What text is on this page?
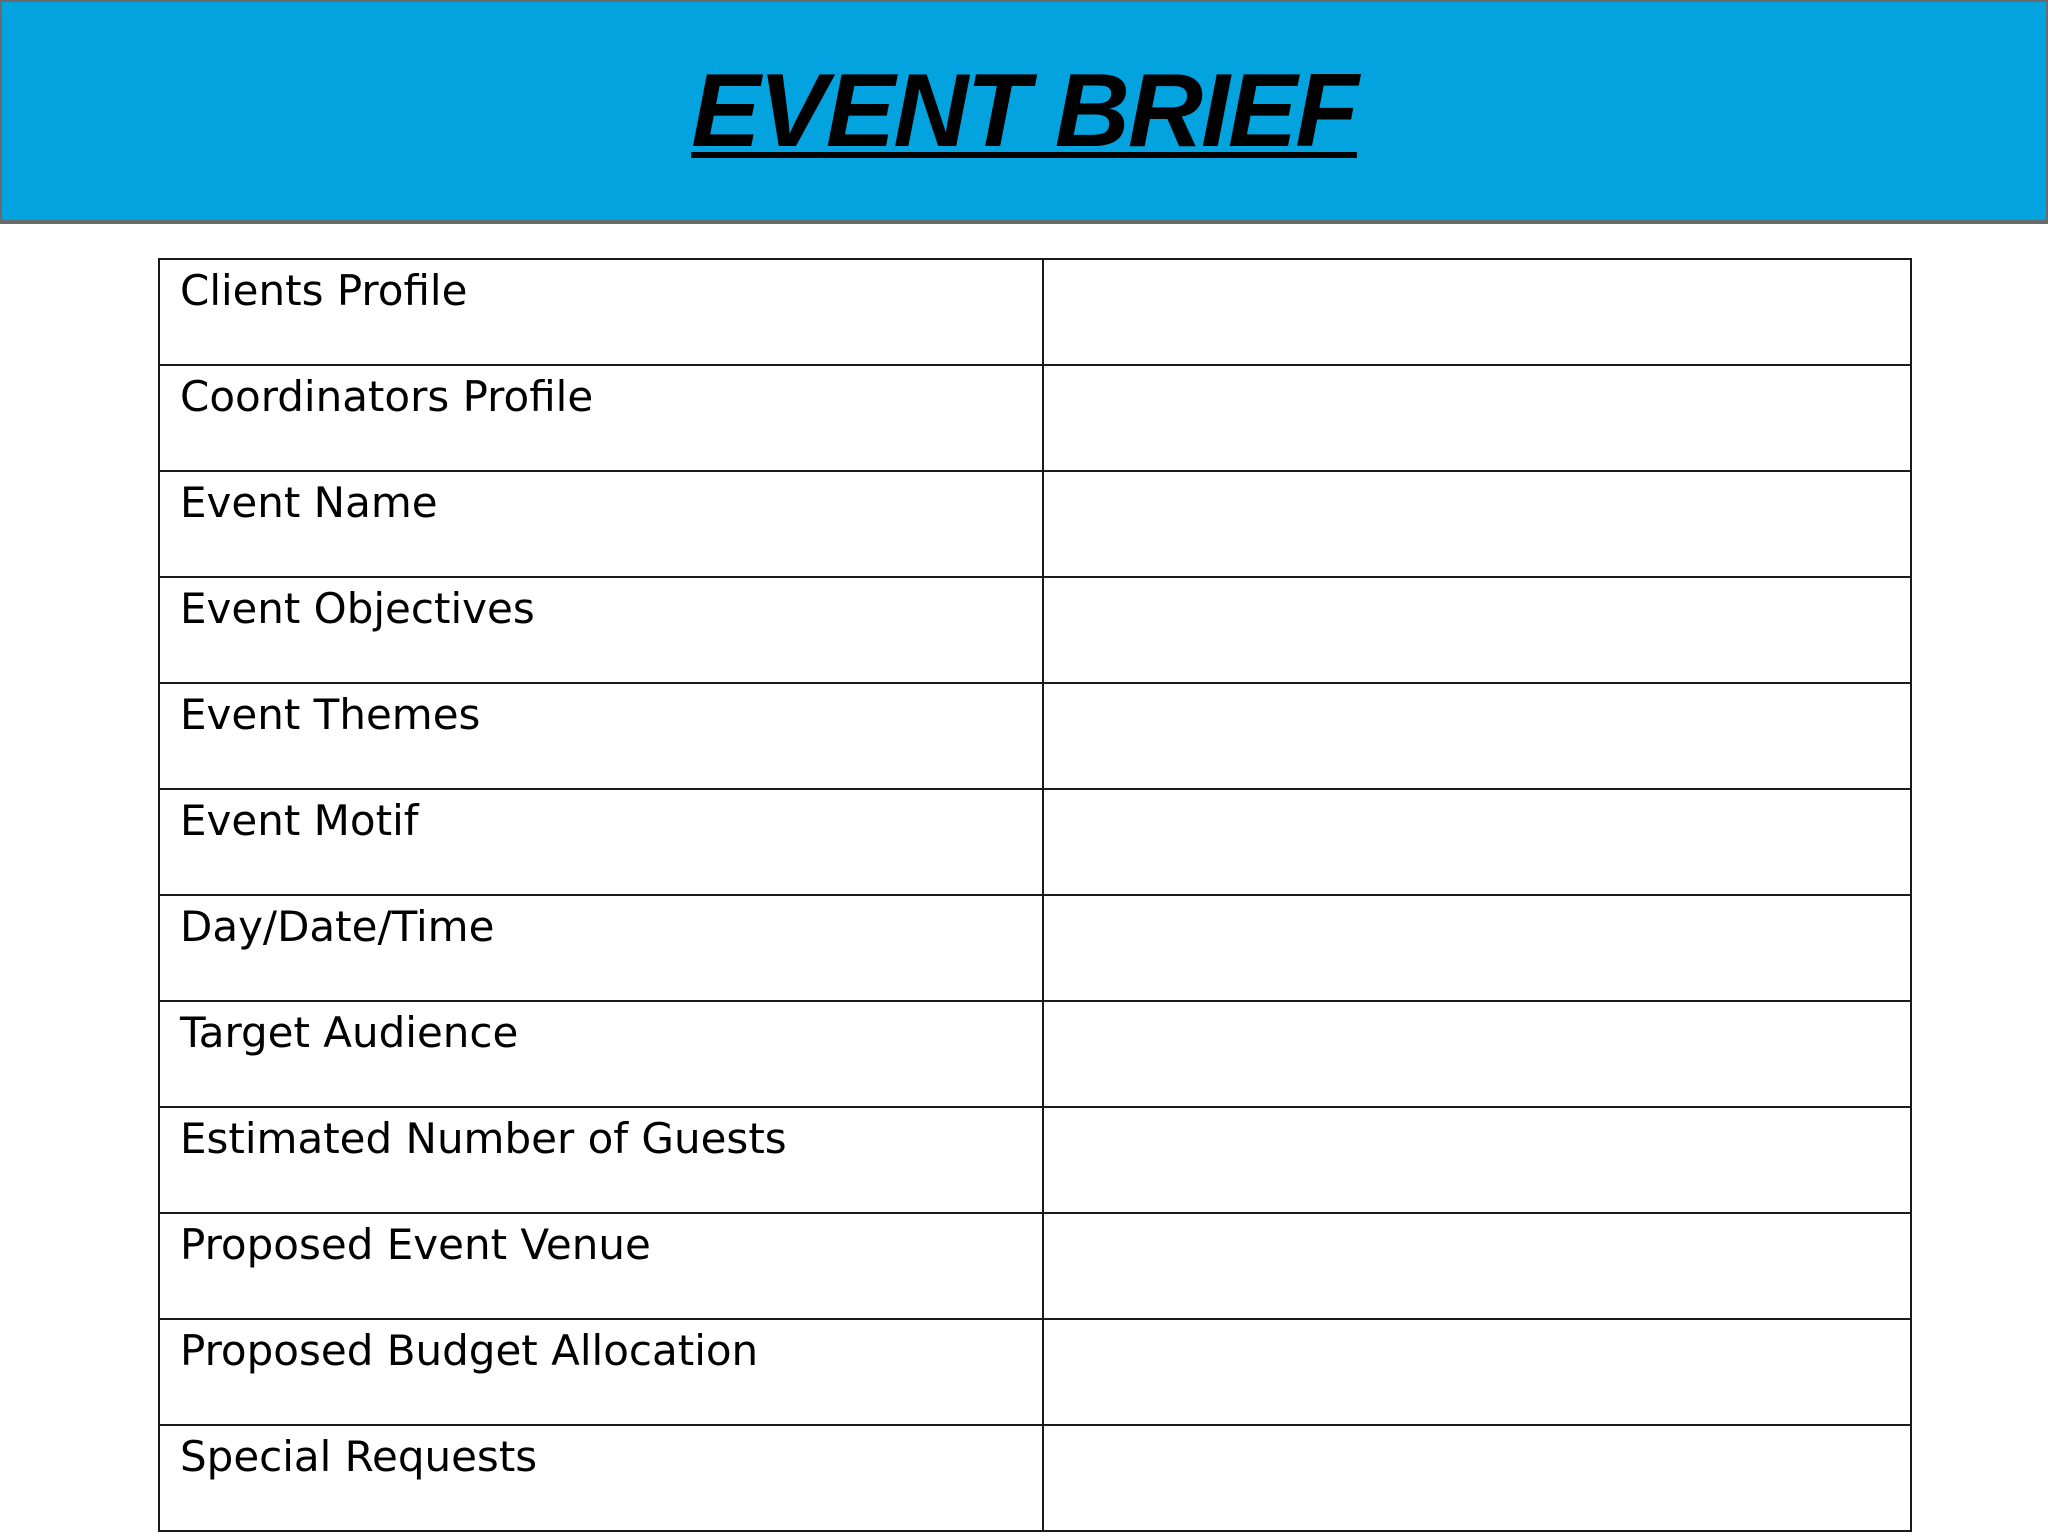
EVENT BRIEF
Clients Profile	
Coordinators Profile	
Event Name	
Event Objectives	
Event Themes	
Event Motif	
Day/Date/Time	
Target Audience	
Estimated Number of Guests	
Proposed Event Venue	
Proposed Budget Allocation	
Special Requests	
